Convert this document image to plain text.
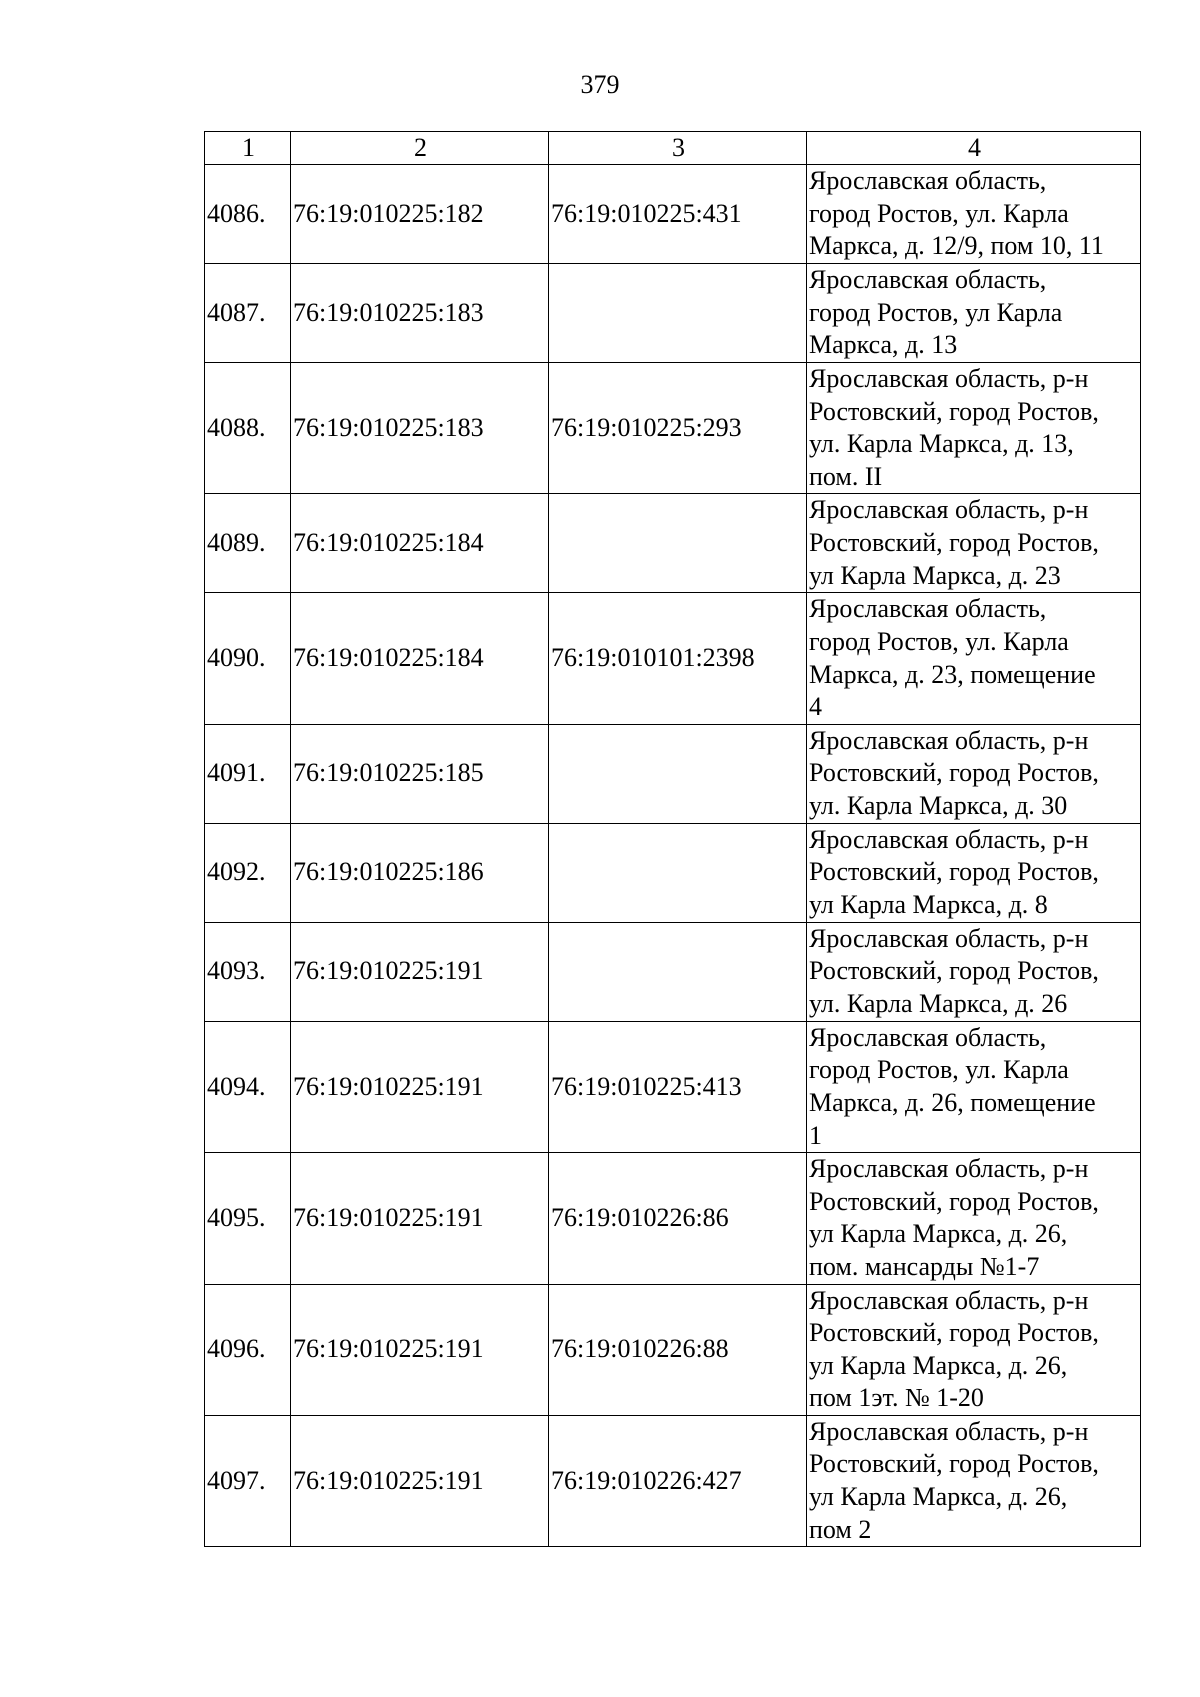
379
1	2	3	4
4086.	76:19:010225:182	76:19:010225:431	Ярославская область,
город Ростов, ул. Карла
Маркса, д. 12/9, пом 10, 11

4087.	76:19:010225:183		Ярославская область,
город Ростов, ул Карла
Маркса, д. 13

4088.	76:19:010225:183	76:19:010225:293	Ярославская область, р-н
Ростовский, город Ростов,
ул. Карла Маркса, д. 13,
пом. II

4089.	76:19:010225:184		Ярославская область, р-н
Ростовский, город Ростов,
ул Карла Маркса, д. 23

4090.	76:19:010225:184	76:19:010101:2398	Ярославская область,
город Ростов, ул. Карла
Маркса, д. 23, помещение
4

4091.	76:19:010225:185		Ярославская область, р-н
Ростовский, город Ростов,
ул. Карла Маркса, д. 30

4092.	76:19:010225:186		Ярославская область, р-н
Ростовский, город Ростов,
ул Карла Маркса, д. 8

4093.	76:19:010225:191		Ярославская область, р-н
Ростовский, город Ростов,
ул. Карла Маркса, д. 26

4094.	76:19:010225:191	76:19:010225:413	Ярославская область,
город Ростов, ул. Карла
Маркса, д. 26, помещение
1

4095.	76:19:010225:191	76:19:010226:86	Ярославская область, р-н
Ростовский, город Ростов,
ул Карла Маркса, д. 26,
пом. мансарды №1-7

4096.	76:19:010225:191	76:19:010226:88	Ярославская область, р-н
Ростовский, город Ростов,
ул Карла Маркса, д. 26,
пом 1эт. № 1-20

4097.	76:19:010225:191	76:19:010226:427	Ярославская область, р-н
Ростовский, город Ростов,
ул Карла Маркса, д. 26,
пом 2
